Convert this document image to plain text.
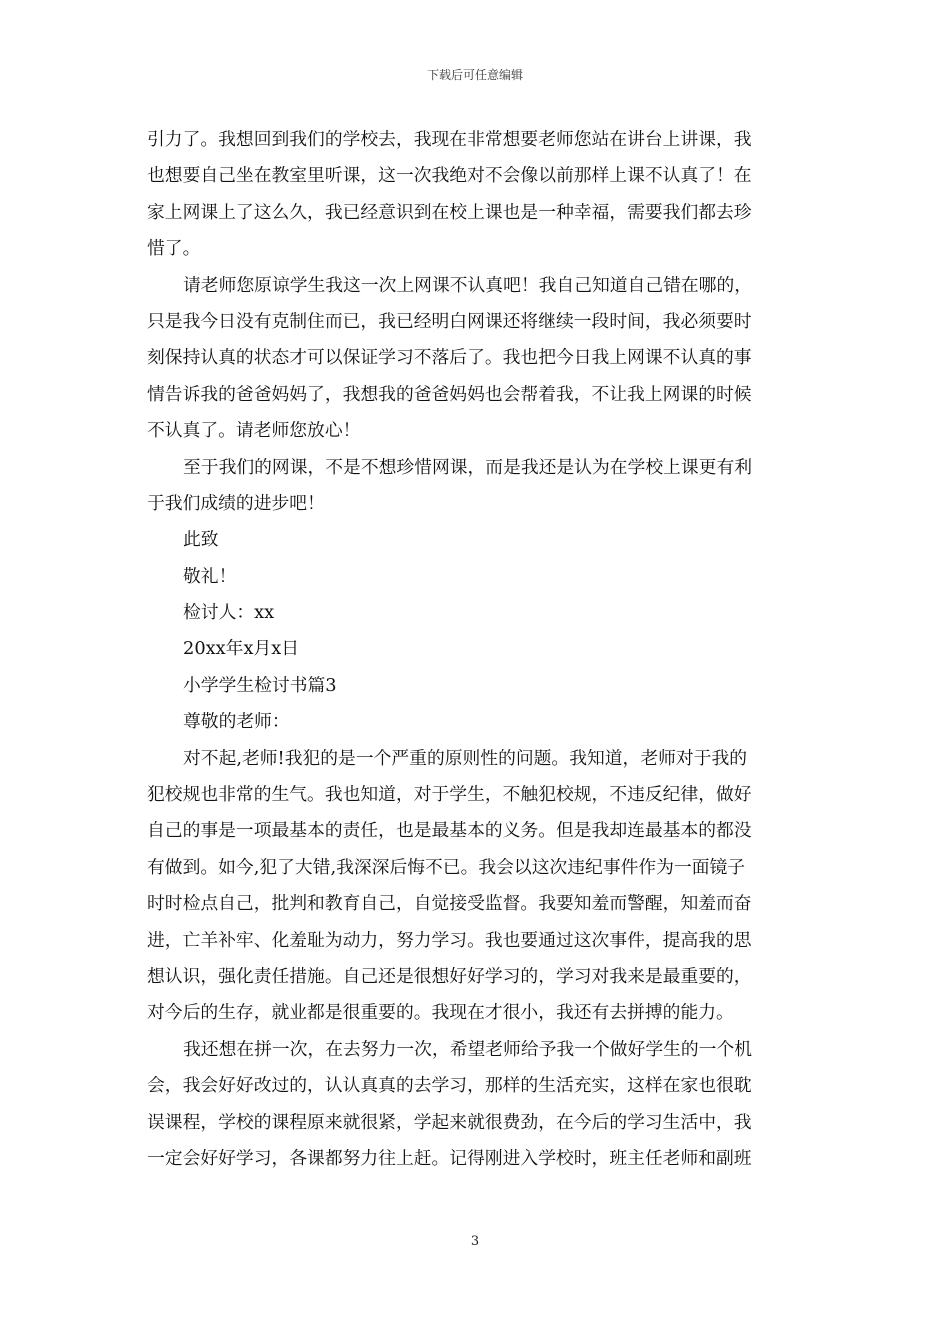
下载后可任意编辑
引力了。我想回到我们的学校去，我现在非常想要老师您站在讲台上讲课，我
也想要自己坐在教室里听课，这一次我绝对不会像以前那样上课不认真了！在
家上网课上了这么久，我已经意识到在校上课也是一种幸福，需要我们都去珍
惜了。
请老师您原谅学生我这一次上网课不认真吧！我自己知道自己错在哪的，
只是我今日没有克制住而已，我已经明白网课还将继续一段时间，我必须要时
刻保持认真的状态才可以保证学习不落后了。我也把今日我上网课不认真的事
情告诉我的爸爸妈妈了，我想我的爸爸妈妈也会帮着我，不让我上网课的时候
不认真了。请老师您放心！
至于我们的网课，不是不想珍惜网课，而是我还是认为在学校上课更有利
于我们成绩的进步吧！
此致
敬礼！
检讨人：xx
20xx年x月x日
小学学生检讨书篇3
尊敬的老师：
对不起,老师!我犯的是一个严重的原则性的问题。我知道，老师对于我的
犯校规也非常的生气。我也知道，对于学生，不触犯校规，不违反纪律，做好
自己的事是一项最基本的责任，也是最基本的义务。但是我却连最基本的都没
有做到。如今,犯了大错,我深深后悔不已。我会以这次违纪事件作为一面镜子
时时检点自己，批判和教育自己，自觉接受监督。我要知羞而警醒，知羞而奋
进，亡羊补牢、化羞耻为动力，努力学习。我也要通过这次事件，提高我的思
想认识，强化责任措施。自己还是很想好好学习的，学习对我来是最重要的，
对今后的生存，就业都是很重要的。我现在才很小，我还有去拼搏的能力。
我还想在拼一次，在去努力一次，希望老师给予我一个做好学生的一个机
会，我会好好改过的，认认真真的去学习，那样的生活充实，这样在家也很耽
误课程，学校的课程原来就很紧，学起来就很费劲，在今后的学习生活中，我
一定会好好学习，各课都努力往上赶。记得刚进入学校时，班主任老师和副班
3
